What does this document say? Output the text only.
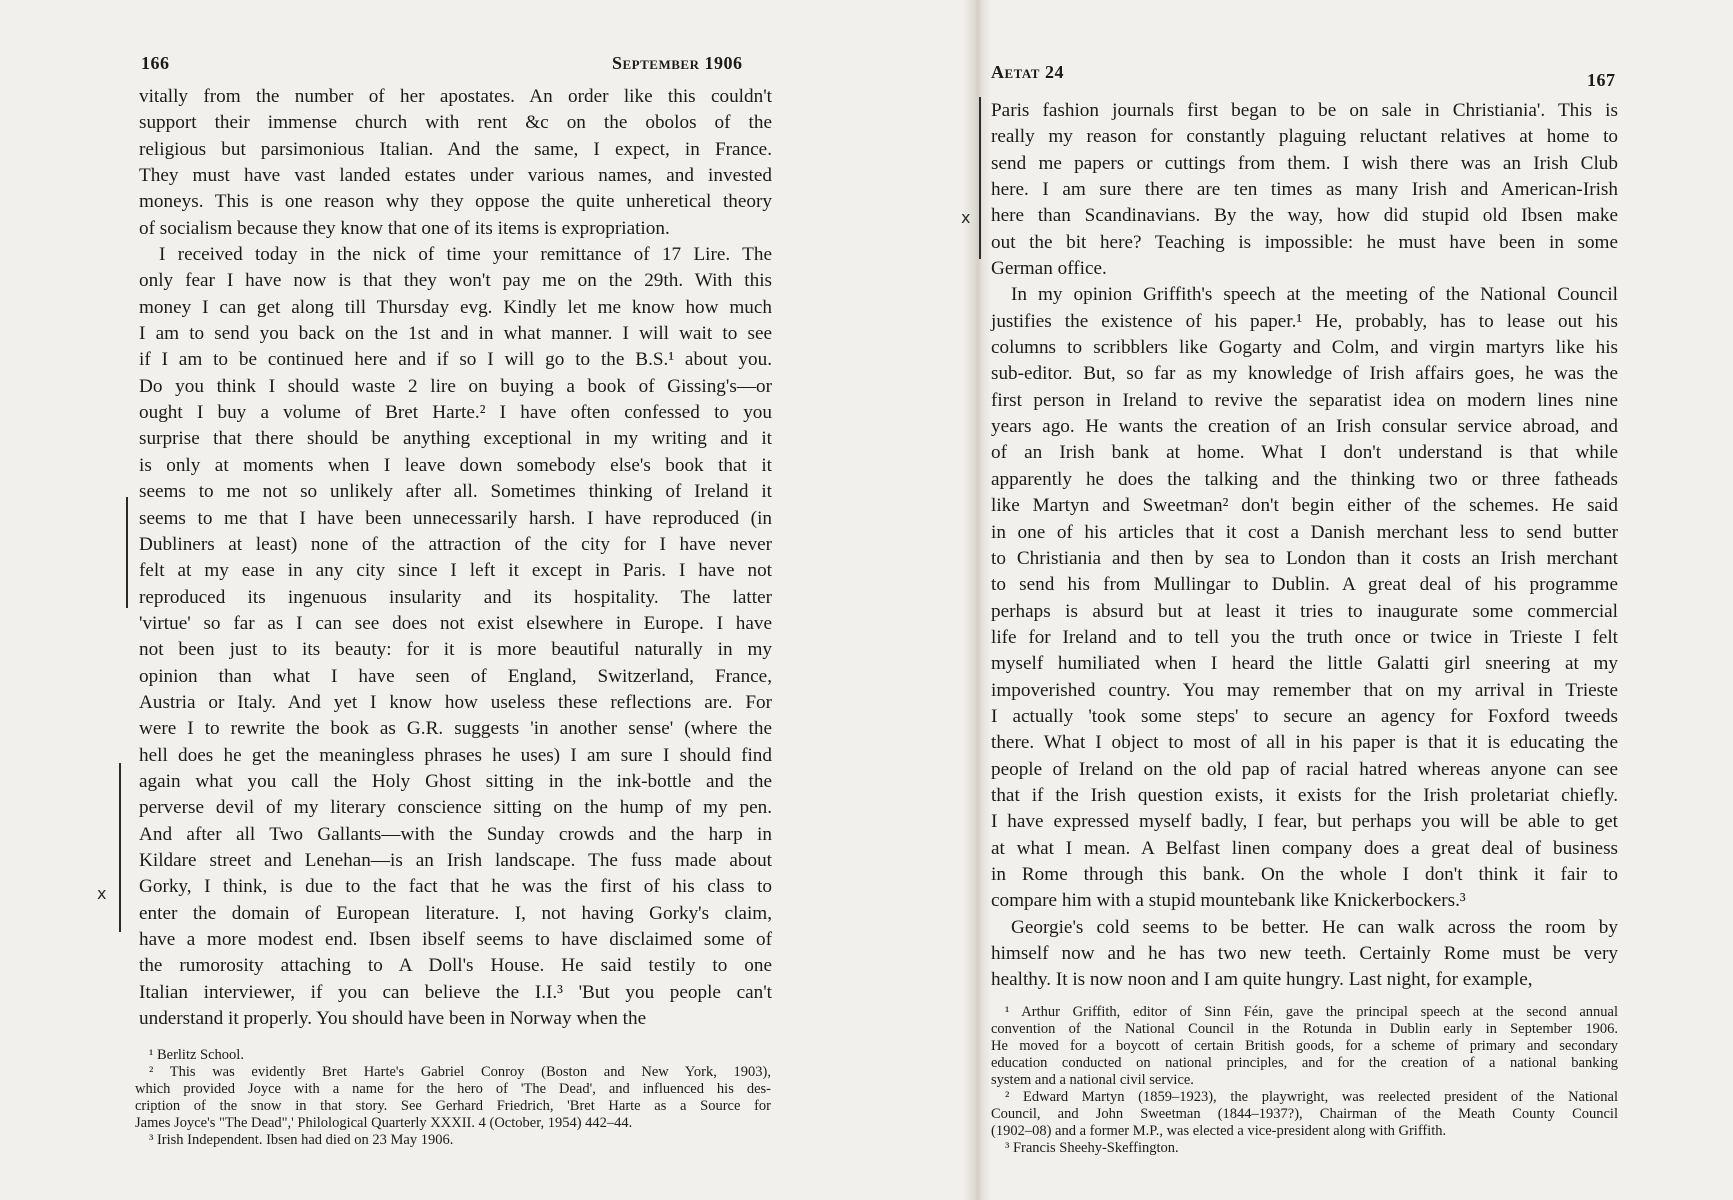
166	September 1906
vitally from the number of her apostates. An order like this couldn't
support their immense church with rent &c on the obolos of the
religious but parsimonious Italian. And the same, I expect, in France.
They must have vast landed estates under various names, and invested
moneys. This is one reason why they oppose the quite unheretical theory
of socialism because they know that one of its items is expropriation.
I received today in the nick of time your remittance of 17 Lire. The
only fear I have now is that they won't pay me on the 29th. With this
money I can get along till Thursday evg. Kindly let me know how much
I am to send you back on the 1st and in what manner. I will wait to see
if I am to be continued here and if so I will go to the B.S.¹ about you.
Do you think I should waste 2 lire on buying a book of Gissing's—or
ought I buy a volume of Bret Harte.² I have often confessed to you
surprise that there should be anything exceptional in my writing and it
is only at moments when I leave down somebody else's book that it
seems to me not so unlikely after all. Sometimes thinking of Ireland it
seems to me that I have been unnecessarily harsh. I have reproduced (in
Dubliners at least) none of the attraction of the city for I have never
felt at my ease in any city since I left it except in Paris. I have not
reproduced its ingenuous insularity and its hospitality. The latter
'virtue' so far as I can see does not exist elsewhere in Europe. I have
not been just to its beauty: for it is more beautiful naturally in my
opinion than what I have seen of England, Switzerland, France,
Austria or Italy. And yet I know how useless these reflections are. For
were I to rewrite the book as G.R. suggests 'in another sense' (where the
hell does he get the meaningless phrases he uses) I am sure I should find
again what you call the Holy Ghost sitting in the ink-bottle and the
perverse devil of my literary conscience sitting on the hump of my pen.
And after all Two Gallants—with the Sunday crowds and the harp in
Kildare street and Lenehan—is an Irish landscape. The fuss made about
Gorky, I think, is due to the fact that he was the first of his class to
enter the domain of European literature. I, not having Gorky's claim,
have a more modest end. Ibsen ibself seems to have disclaimed some of
the rumorosity attaching to A Doll's House. He said testily to one
Italian interviewer, if you can believe the I.I.³ 'But you people can't
understand it properly. You should have been in Norway when the
x
¹ Berlitz School.
² This was evidently Bret Harte's Gabriel Conroy (Boston and New York, 1903),
which provided Joyce with a name for the hero of 'The Dead', and influenced his des-
cription of the snow in that story. See Gerhard Friedrich, 'Bret Harte as a Source for
James Joyce's "The Dead",' Philological Quarterly XXXII. 4 (October, 1954) 442–44.
³ Irish Independent. Ibsen had died on 23 May 1906.
Aetat 24	167
Paris fashion journals first began to be on sale in Christiania'. This is
really my reason for constantly plaguing reluctant relatives at home to
send me papers or cuttings from them. I wish there was an Irish Club
here. I am sure there are ten times as many Irish and American-Irish
here than Scandinavians. By the way, how did stupid old Ibsen make
out the bit here? Teaching is impossible: he must have been in some
German office.
In my opinion Griffith's speech at the meeting of the National Council
justifies the existence of his paper.¹ He, probably, has to lease out his
columns to scribblers like Gogarty and Colm, and virgin martyrs like his
sub-editor. But, so far as my knowledge of Irish affairs goes, he was the
first person in Ireland to revive the separatist idea on modern lines nine
years ago. He wants the creation of an Irish consular service abroad, and
of an Irish bank at home. What I don't understand is that while
apparently he does the talking and the thinking two or three fatheads
like Martyn and Sweetman² don't begin either of the schemes. He said
in one of his articles that it cost a Danish merchant less to send butter
to Christiania and then by sea to London than it costs an Irish merchant
to send his from Mullingar to Dublin. A great deal of his programme
perhaps is absurd but at least it tries to inaugurate some commercial
life for Ireland and to tell you the truth once or twice in Trieste I felt
myself humiliated when I heard the little Galatti girl sneering at my
impoverished country. You may remember that on my arrival in Trieste
I actually 'took some steps' to secure an agency for Foxford tweeds
there. What I object to most of all in his paper is that it is educating the
people of Ireland on the old pap of racial hatred whereas anyone can see
that if the Irish question exists, it exists for the Irish proletariat chiefly.
I have expressed myself badly, I fear, but perhaps you will be able to get
at what I mean. A Belfast linen company does a great deal of business
in Rome through this bank. On the whole I don't think it fair to
compare him with a stupid mountebank like Knickerbockers.³
Georgie's cold seems to be better. He can walk across the room by
himself now and he has two new teeth. Certainly Rome must be very
healthy. It is now noon and I am quite hungry. Last night, for example,
x
¹ Arthur Griffith, editor of Sinn Féin, gave the principal speech at the second annual
convention of the National Council in the Rotunda in Dublin early in September 1906.
He moved for a boycott of certain British goods, for a scheme of primary and secondary
education conducted on national principles, and for the creation of a national banking
system and a national civil service.
² Edward Martyn (1859–1923), the playwright, was reelected president of the National
Council, and John Sweetman (1844–1937?), Chairman of the Meath County Council
(1902–08) and a former M.P., was elected a vice-president along with Griffith.
³ Francis Sheehy-Skeffington.
